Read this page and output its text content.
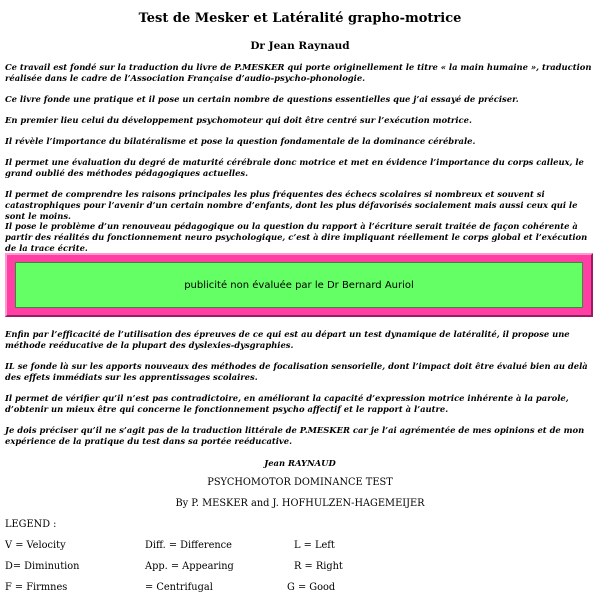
Test de Mesker et Latéralité grapho-motrice
Dr Jean Raynaud
Ce travail est fondé sur la traduction du livre de P.MESKER qui porte originellement le titre « la main humaine », traduction réalisée dans le cadre de l’Association Française d’audio-psycho-phonologie.
Ce livre fonde une pratique et il pose un certain nombre de questions essentielles que j’ai essayé de préciser.
En premier lieu celui du développement psychomoteur qui doit être centré sur l’exécution motrice.
Il révèle l’importance du bilatéralisme et pose la question fondamentale de la dominance cérébrale.
Il permet une évaluation du degré de maturité cérébrale donc motrice et met en évidence l’importance du corps calleux, le grand oublié des méthodes pédagogiques actuelles.
Il permet de comprendre les raisons principales les plus fréquentes des échecs scolaires si nombreux et souvent si catastrophiques pour l’avenir d’un certain nombre d’enfants, dont les plus défavorisés socialement mais aussi ceux qui le sont le moins.
Il pose le problème d’un renouveau pédagogique ou la question du rapport à l’écriture serait traitée de façon cohérente à partir des réalités du fonctionnement neuro psychologique, c’est à dire impliquant réellement le corps global et l’exécution de la trace écrite.
publicité non évaluée par le Dr Bernard Auriol
Enfin par l’efficacité de l’utilisation des épreuves de ce qui est au départ un test dynamique de latéralité, il propose une méthode reéducative de la plupart des dyslexies-dysgraphies.
IL se fonde là sur les apports nouveaux des méthodes de focalisation sensorielle, dont l’impact doit être évalué bien au delà des effets immédiats sur les apprentissages scolaires.
Il permet de vérifier qu’il n’est pas contradictoire, en améliorant la capacité d’expression motrice inhérente à la parole, d’obtenir un mieux être qui concerne le fonctionnement psycho affectif et le rapport à l’autre.
Je dois préciser qu’il ne s’agit pas de la traduction littérale de P.MESKER car je l’ai agrémentée de mes opinions et de mon expérience de la pratique du test dans sa portée reéducative.
Jean RAYNAUD
PSYCHOMOTOR DOMINANCE TEST
By P. MESKER and J. HOFHULZEN-HAGEMEIJER
LEGEND :
V = Velocity	Diff. = Difference	L = Left
D= Diminution	App. = Appearing	R = Right
F = Firmnes	= Centrifugal	G = Good
